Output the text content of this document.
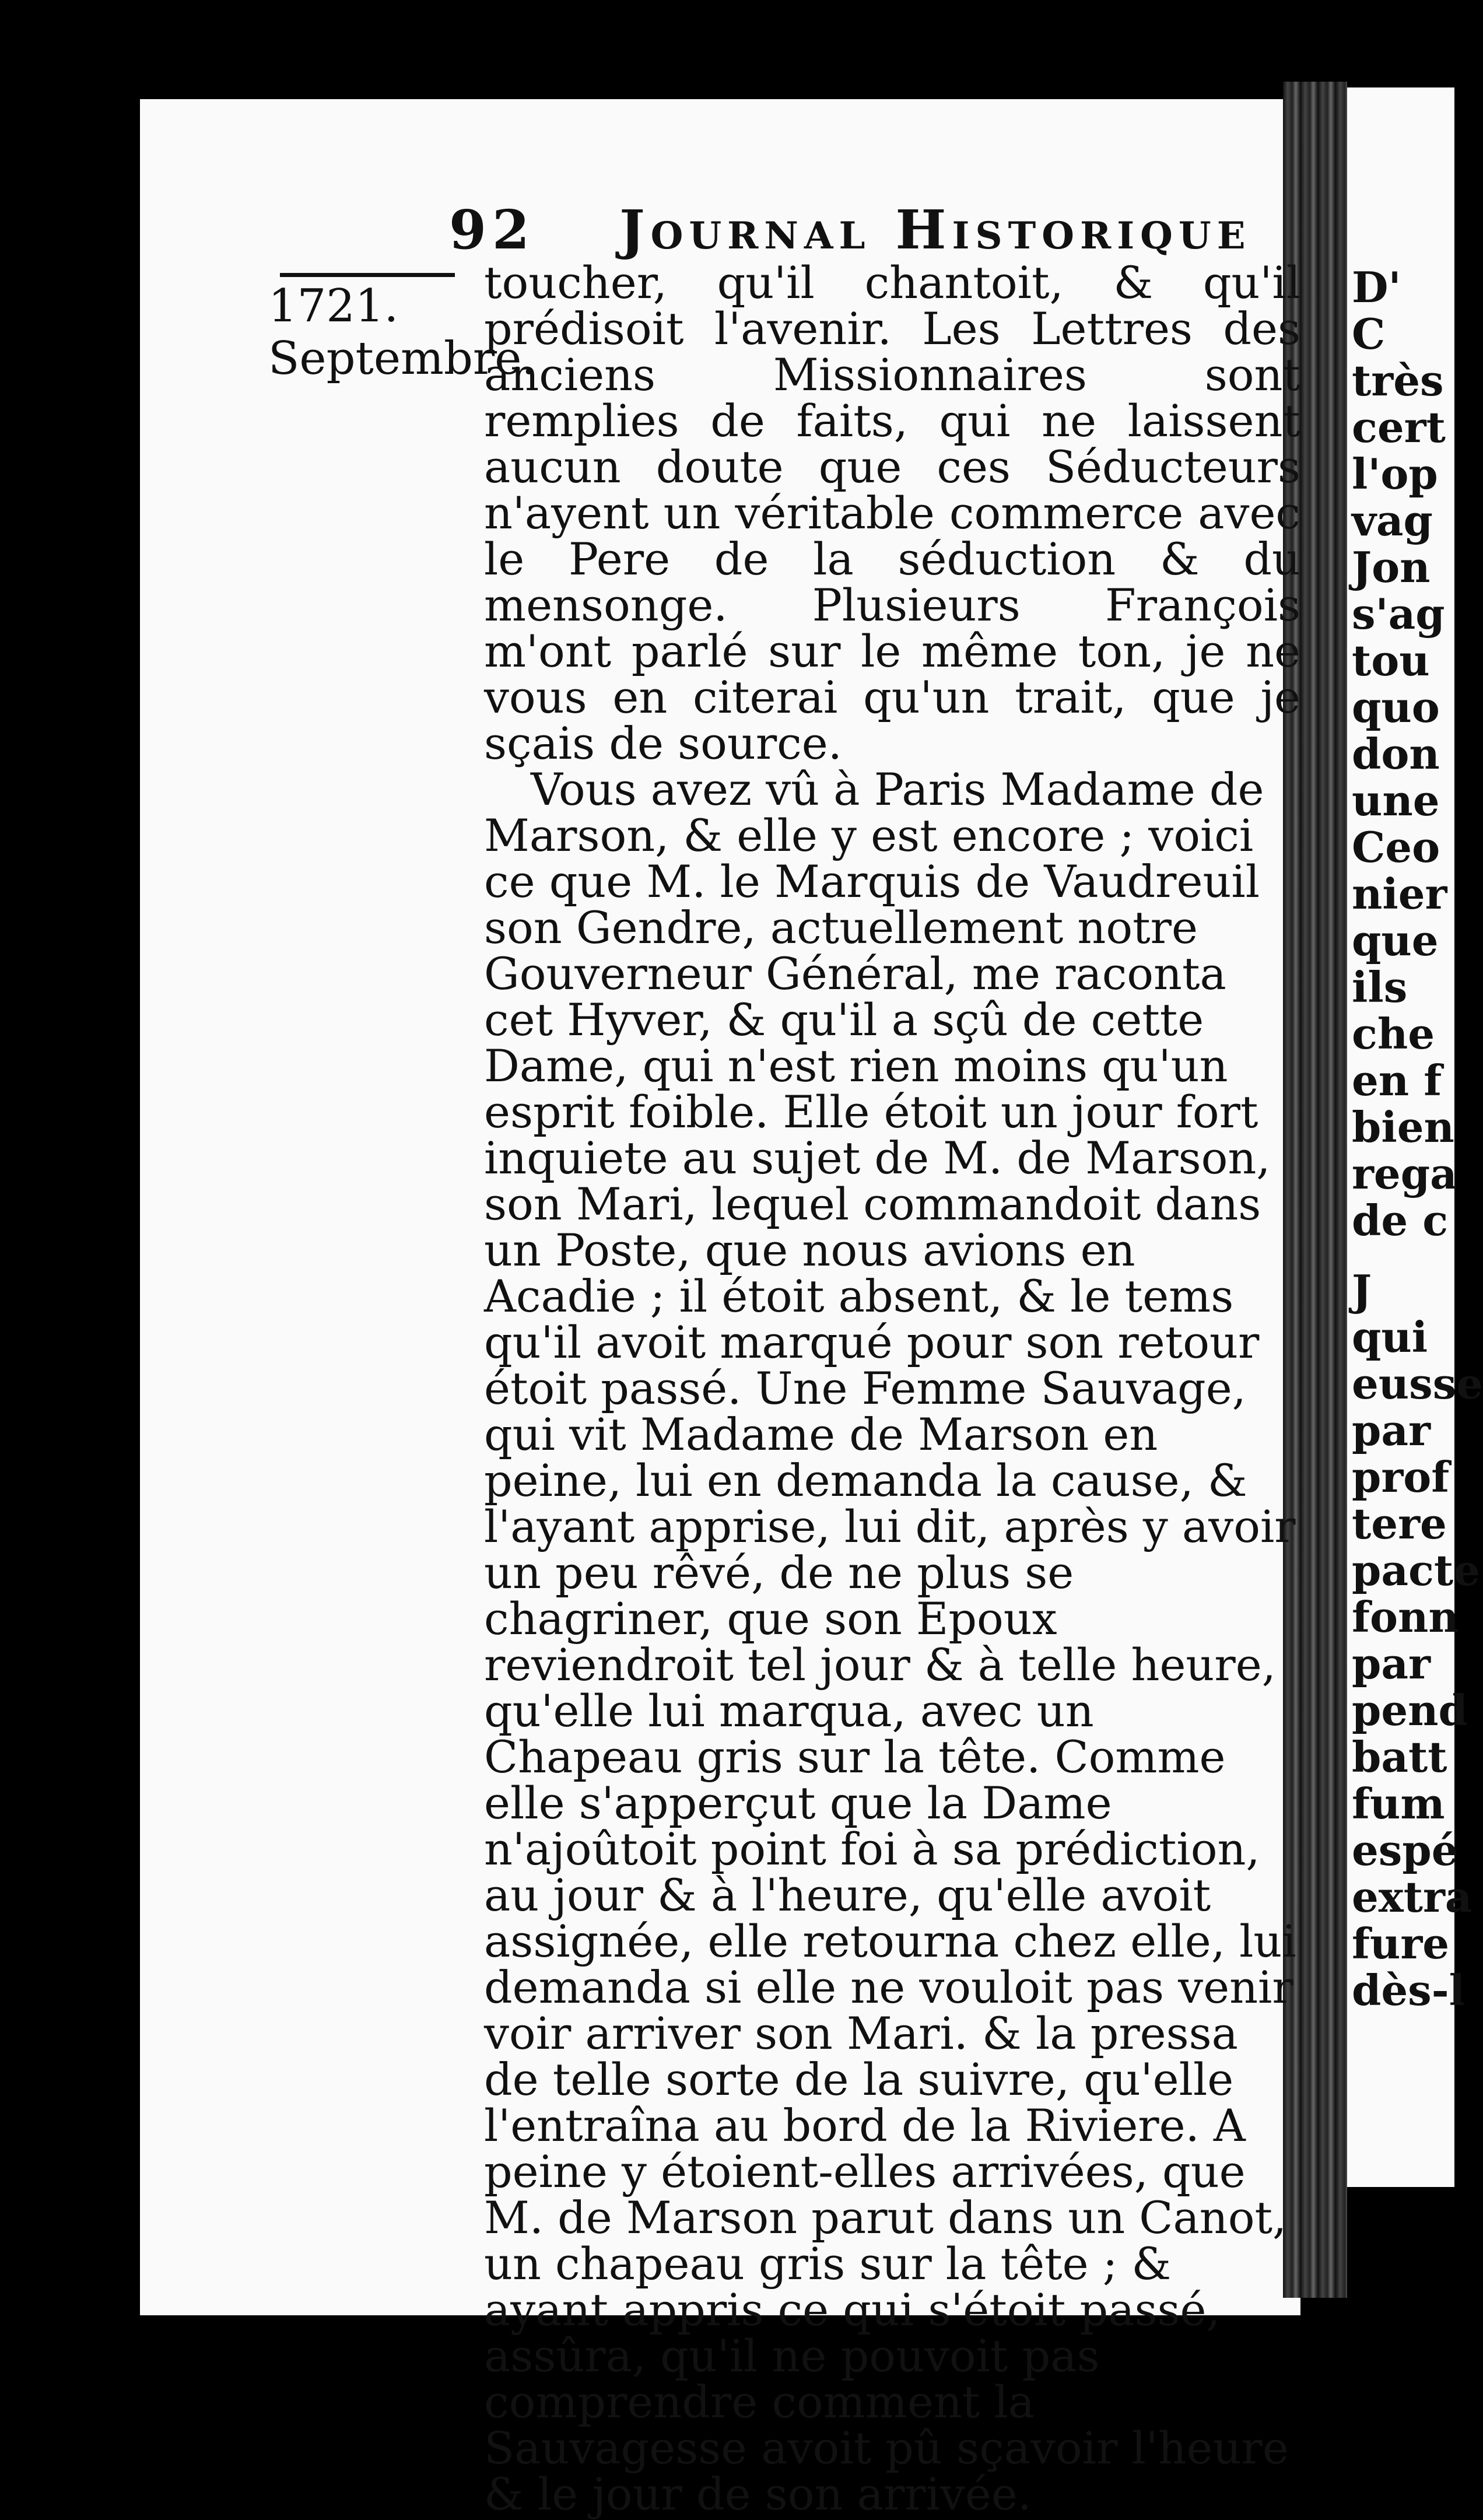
D'
C
très
cert
l'op
vag
Jon
s'ag
tou
quo
don
une
Ceo
nier
que
ils
che
en f
bien
rega
de c
J
qui
eusse
par
prof
tere
pacte
fonn
par
pend
batt
fum
espé
extra
fure
dès-l
92 Journal Historique
1721.
Septembre.

toucher, qu'il chantoit, & qu'il prédisoit l'avenir. Les Lettres des anciens Missionnaires sont remplies de faits, qui ne laissent aucun doute que ces Séducteurs n'ayent un véritable commerce avec le Pere de la séduction & du mensonge. Plusieurs François m'ont parlé sur le même ton, je ne vous en citerai qu'un trait, que je sçais de source.

Vous avez vû à Paris Madame de Marson, & elle y est encore ; voici ce que M. le Marquis de Vaudreuil son Gendre, actuellement notre Gouverneur Général, me raconta cet Hyver, & qu'il a sçû de cette Dame, qui n'est rien moins qu'un esprit foible. Elle étoit un jour fort inquiete au sujet de M. de Marson, son Mari, lequel commandoit dans un Poste, que nous avions en Acadie ; il étoit absent, & le tems qu'il avoit marqué pour son retour étoit passé. Une Femme Sauvage, qui vit Madame de Marson en peine, lui en demanda la cause, & l'ayant apprise, lui dit, après y avoir un peu rêvé, de ne plus se chagriner, que son Epoux reviendroit tel jour & à telle heure, qu'elle lui marqua, avec un Chapeau gris sur la tête. Comme elle s'apperçut que la Dame n'ajoûtoit point foi à sa prédiction, au jour & à l'heure, qu'elle avoit assignée, elle retourna chez elle, lui demanda si elle ne vouloit pas venir voir arriver son Mari. & la pressa de telle sorte de la suivre, qu'elle l'entraîna au bord de la Riviere. A peine y étoient-elles arrivées, que M. de Marson parut dans un Canot, un chapeau gris sur la tête ; & ayant appris ce qui s'étoit passé, assûra, qu'il ne pouvoit pas comprendre comment la Sauvagesse avoit pû sçavoir l'heure & le jour de son arrivée.
